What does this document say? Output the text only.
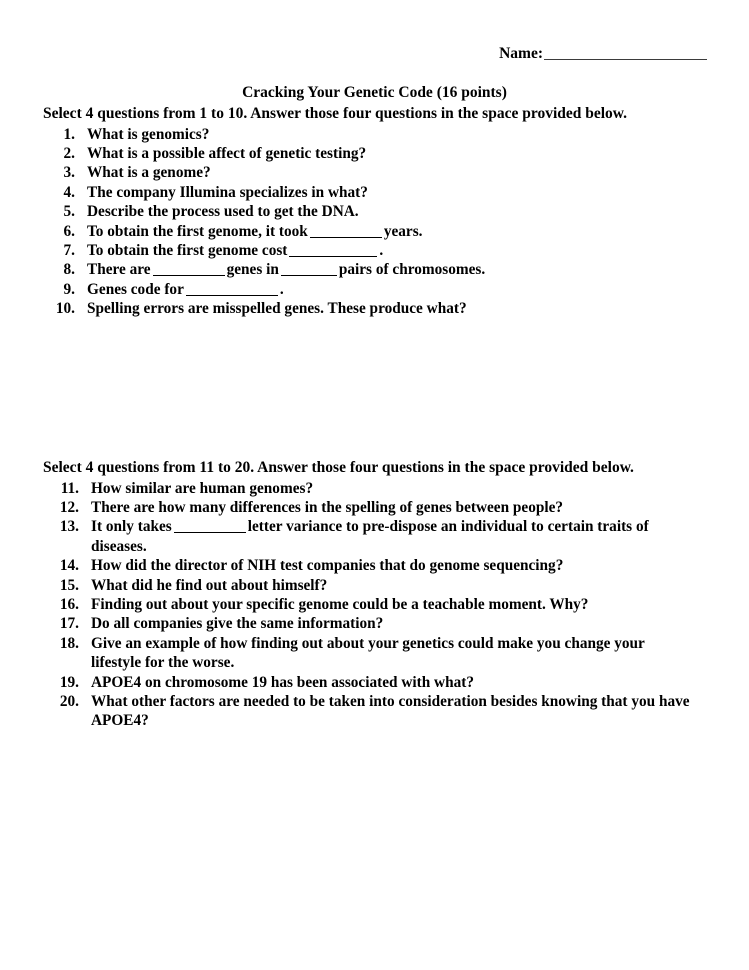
Name:
Cracking Your Genetic Code (16 points)

Select 4 questions from 1 to 10. Answer those four questions in the space provided below.

1. What is genomics?
2. What is a possible affect of genetic testing?
3. What is a genome?
4. The company Illumina specializes in what?
5. Describe the process used to get the DNA.
6. To obtain the first genome, it took	years.
7. To obtain the first genome cost	.
8. There are	genes in	pairs of chromosomes.
9. Genes code for	.
10. Spelling errors are misspelled genes. These produce what?

Select 4 questions from 11 to 20. Answer those four questions in the space provided below.

11. How similar are human genomes?
12. There are how many differences in the spelling of genes between people?
13. It only takes	letter variance to pre-dispose an individual to certain traits of diseases.
14. How did the director of NIH test companies that do genome sequencing?
15. What did he find out about himself?
16. Finding out about your specific genome could be a teachable moment. Why?
17. Do all companies give the same information?
18. Give an example of how finding out about your genetics could make you change your lifestyle for the worse.
19. APOE4 on chromosome 19 has been associated with what?
20. What other factors are needed to be taken into consideration besides knowing that you have APOE4?
